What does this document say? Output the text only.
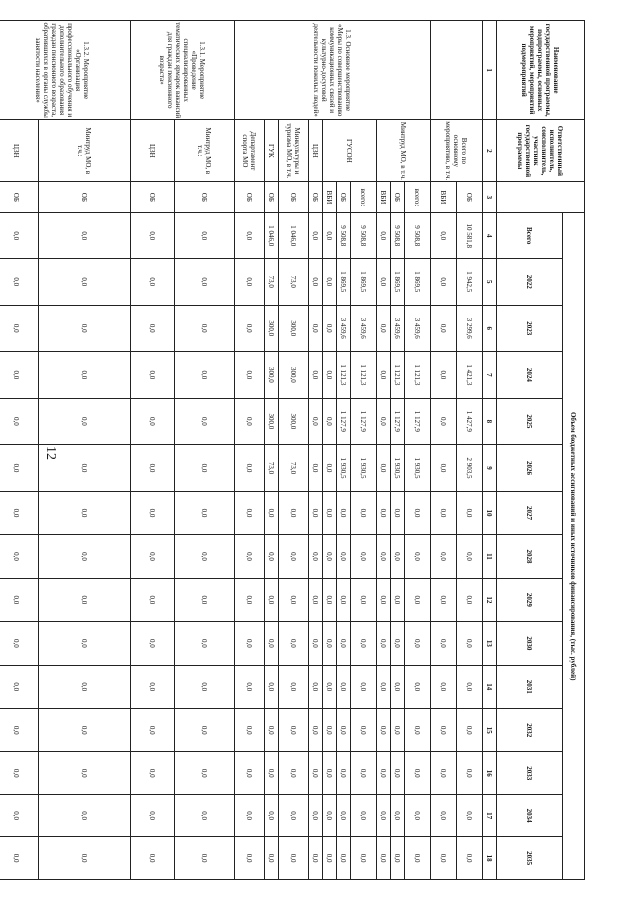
12
Наименование государственной программы, подпрограммы, основных мероприятий, мероприятий подмероприятий	Ответственный исполнитель, соисполнитель, участник государственной программы		Объем бюджетных ассигнований и иных источников финансирования, (тыс. рублей)														
			Всего	2022	2023	2024	2025	2026	2027	2028	2029	2030	2031	2032	2033	2034	2035
1	2	3	4	5	6	7	8	9	10	11	12	13	14	15	16	17	18
	Всего по основному мероприятию, в т.ч.	ОБ	10 581,8	1 942,5	3 299,6	1 421,3	1 427,9	2 903,5	0,0	0,0	0,0	0,0	0,0	0,0	0,0	0,0	0,0
		ВБИ	0,0	0,0	0,0	0,0	0,0	0,0	0,0	0,0	0,0	0,0	0,0	0,0	0,0	0,0	0,0
1.3. Основное мероприятие «Меры по совершенствованию коммуникационных связей и культурно-досуговой деятельности пожилых людей»	Минтруд МО, в т.ч.	всего:	9 508,8	1 869,5	3 459,6	1 121,3	1 127,9	1 930,5	0,0	0,0	0,0	0,0	0,0	0,0	0,0	0,0	0,0
		ОБ	9 508,8	1 869,5	3 459,6	1 121,3	1 127,9	1 930,5	0,0	0,0	0,0	0,0	0,0	0,0	0,0	0,0	0,0
		ВБИ	0,0	0,0	0,0	0,0	0,0	0,0	0,0	0,0	0,0	0,0	0,0	0,0	0,0	0,0	0,0
	ГУСОН	всего:	9 508,8	1 869,5	3 459,6	1 121,3	1 127,9	1 930,5	0,0	0,0	0,0	0,0	0,0	0,0	0,0	0,0	0,0
		ОБ	9 508,8	1 869,5	3 459,6	1 121,3	1 127,9	1 930,5	0,0	0,0	0,0	0,0	0,0	0,0	0,0	0,0	0,0
		ВБИ	0,0	0,0	0,0	0,0	0,0	0,0	0,0	0,0	0,0	0,0	0,0	0,0	0,0	0,0	0,0
	ЦЗН	ОБ	0,0	0,0	0,0	0,0	0,0	0,0	0,0	0,0	0,0	0,0	0,0	0,0	0,0	0,0	0,0
	Минкультуры и туризма МО, в т.ч.	ОБ	1 046,0	73,0	300,0	300,0	300,0	73,0	0,0	0,0	0,0	0,0	0,0	0,0	0,0	0,0	0,0
	ГУК	ОБ	1 046,0	73,0	300,0	300,0	300,0	73,0	0,0	0,0	0,0	0,0	0,0	0,0	0,0	0,0	0,0
	Департамент спорта МО	ОБ	0,0	0,0	0,0	0,0	0,0	0,0	0,0	0,0	0,0	0,0	0,0	0,0	0,0	0,0	0,0
1.3.1. Мероприятие «Проведение специализированных тематических ярмарок вакансий для граждан пенсионного возраста»	Минтруд МО, в т.ч.:	ОБ	0,0	0,0	0,0	0,0	0,0	0,0	0,0	0,0	0,0	0,0	0,0	0,0	0,0	0,0	0,0
	ЦЗН	ОБ	0,0	0,0	0,0	0,0	0,0	0,0	0,0	0,0	0,0	0,0	0,0	0,0	0,0	0,0	0,0
1.3.2. Мероприятие «Организация профессионального обучения и дополнительного образования граждан пенсионного возраста, обратившихся в органы службы занятости населения»	Минтруд МО, в т.ч.:	ОБ	0,0	0,0	0,0	0,0	0,0	0,0	0,0	0,0	0,0	0,0	0,0	0,0	0,0	0,0	0,0
	ЦЗН	ОБ	0,0	0,0	0,0	0,0	0,0	0,0	0,0	0,0	0,0	0,0	0,0	0,0	0,0	0,0	0,0
